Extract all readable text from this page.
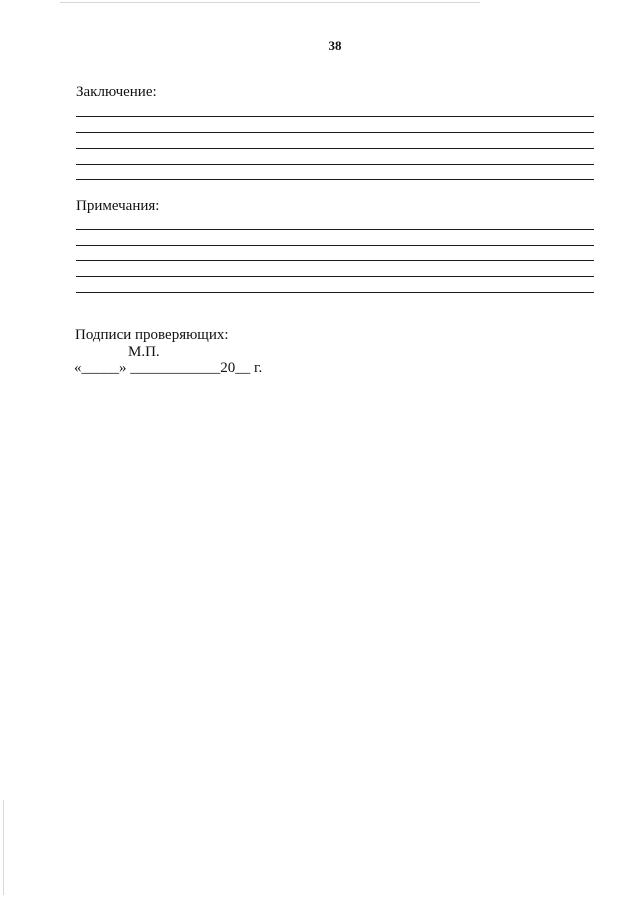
38
Заключение:
Примечания:
Подписи проверяющих:
М.П.
«_____» ____________20__ г.
